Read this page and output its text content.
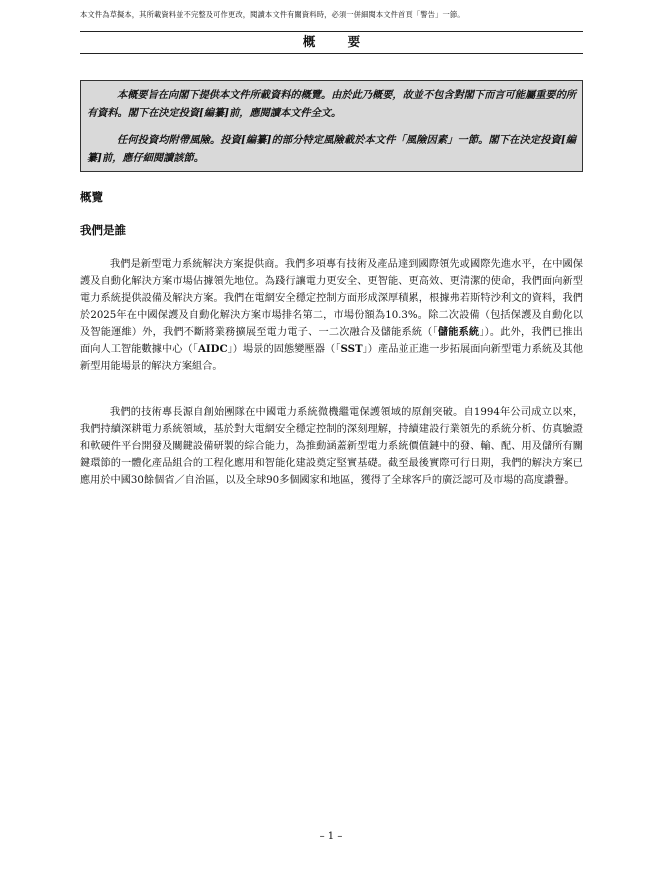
本文件為草擬本，其所載資料並不完整及可作更改，閱讀本文件有關資料時，必須一併細閱本文件首頁「警告」一節。
概 要

本概要旨在向閣下提供本文件所載資料的概覽。由於此乃概要，故並不包含對閣下而言可能屬重要的所有資料。閣下在決定投資[編纂]前，應閱讀本文件全文。

任何投資均附帶風險。投資[編纂]的部分特定風險載於本文件「風險因素」一節。閣下在決定投資[編纂]前，應仔細閱讀該節。

概覽
我們是誰

我們是新型電力系統解決方案提供商。我們多項專有技術及產品達到國際領先或國際先進水平，在中國保護及自動化解決方案市場佔據領先地位。為踐行讓電力更安全、更智能、更高效、更清潔的使命，我們面向新型電力系統提供設備及解決方案。我們在電網安全穩定控制方面形成深厚積累，根據弗若斯特沙利文的資料，我們於2025年在中國保護及自動化解決方案市場排名第二，市場份額為10.3%。除二次設備（包括保護及自動化以及智能運維）外，我們不斷將業務擴展至電力電子、一二次融合及儲能系統（「儲能系統」）。此外，我們已推出面向人工智能數據中心（「AIDC」）場景的固態變壓器（「SST」）產品並正進一步拓展面向新型電力系統及其他新型用能場景的解決方案組合。

我們的技術專長源自創始團隊在中國電力系統微機繼電保護領域的原創突破。自1994年公司成立以來，我們持續深耕電力系統領域，基於對大電網安全穩定控制的深刻理解，持續建設行業領先的系統分析、仿真驗證和軟硬件平台開發及關鍵設備研製的綜合能力，為推動涵蓋新型電力系統價值鏈中的發、輸、配、用及儲所有關鍵環節的一體化產品組合的工程化應用和智能化建設奠定堅實基礎。截至最後實際可行日期，我們的解決方案已應用於中國30餘個省／自治區，以及全球90多個國家和地區，獲得了全球客戶的廣泛認可及市場的高度讚譽。

– 1 –
